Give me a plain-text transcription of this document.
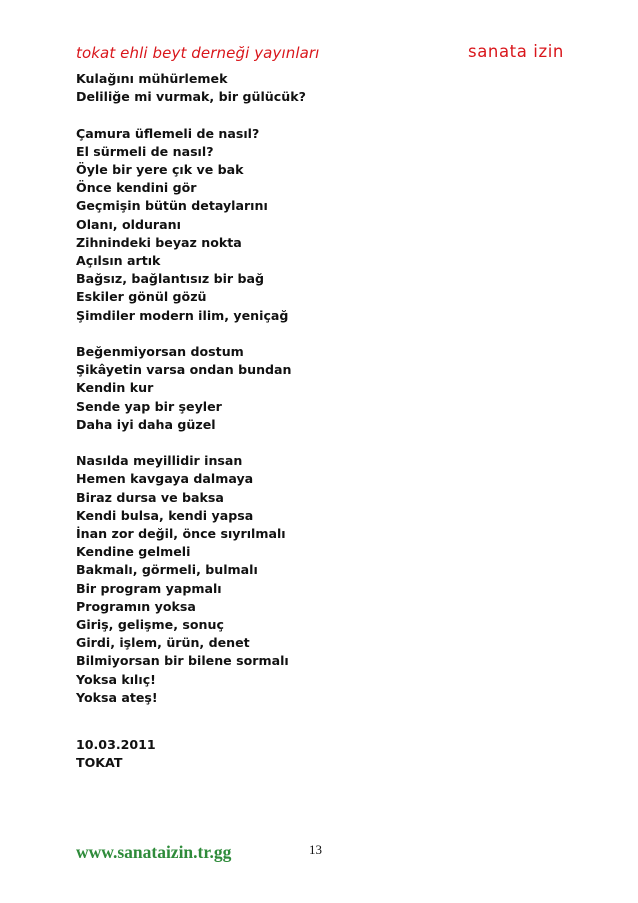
tokat ehli beyt derneği yayınları	sanata izin
Kulağını mühürlemek
Deliliğe mi vurmak, bir gülücük?
Çamura üflemeli de nasıl?
El sürmeli de nasıl?
Öyle bir yere çık ve bak
Önce kendini gör
Geçmişin bütün detaylarını
Olanı, olduranı
Zihnindeki beyaz nokta
Açılsın artık
Bağsız, bağlantısız bir bağ
Eskiler gönül gözü
Şimdiler modern ilim, yeniçağ
Beğenmiyorsan dostum
Şikâyetin varsa ondan bundan
Kendin kur
Sende yap bir şeyler
Daha iyi daha güzel
Nasılda meyillidir insan
Hemen kavgaya dalmaya
Biraz dursa ve baksa
Kendi bulsa, kendi yapsa
İnan zor değil, önce sıyrılmalı
Kendine gelmeli
Bakmalı, görmeli, bulmalı
Bir program yapmalı
Programın yoksa
Giriş, gelişme, sonuç
Girdi, işlem, ürün, denet
Bilmiyorsan bir bilene sormalı
Yoksa kılıç!
Yoksa ateş!
10.03.2011
TOKAT
www.sanataizin.tr.gg	13
